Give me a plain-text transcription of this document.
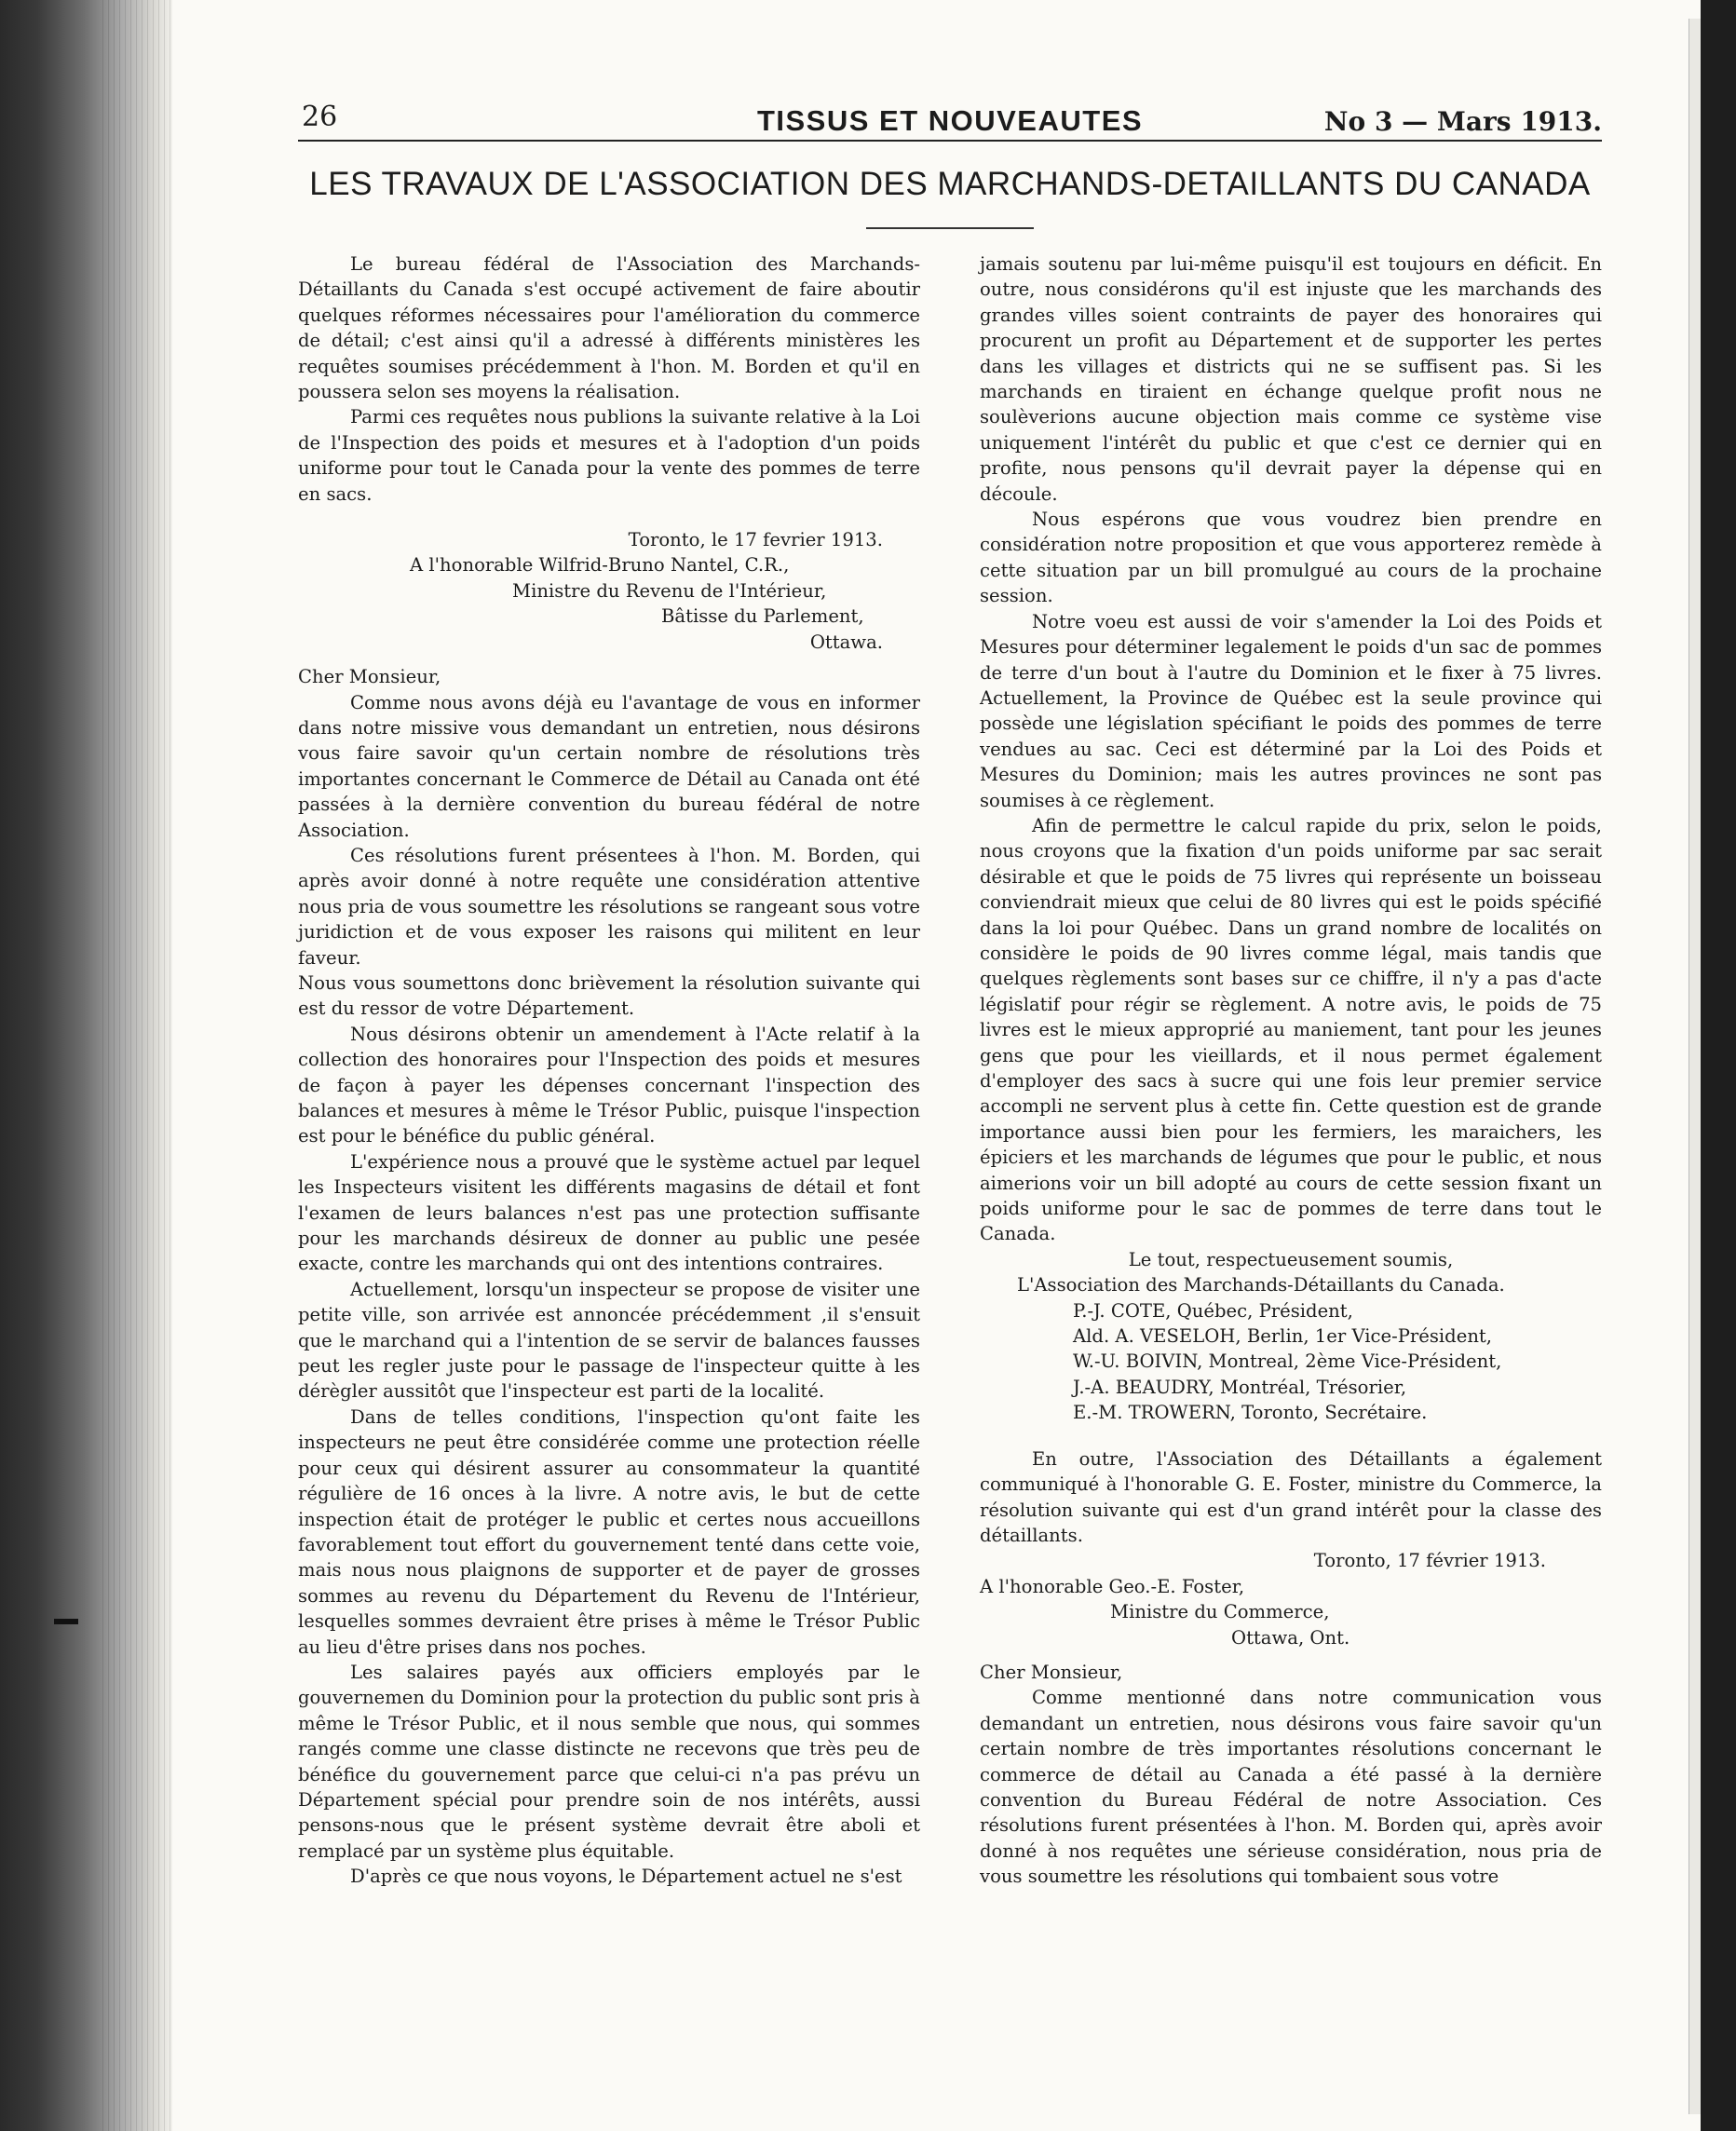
26	TISSUS ET NOUVEAUTES	No 3 — Mars 1913.
LES TRAVAUX DE L'ASSOCIATION DES MARCHANDS-DETAILLANTS DU CANADA

Le bureau fédéral de l'Association des Marchands-Détaillants du Canada s'est occupé activement de faire aboutir quelques réformes nécessaires pour l'amélioration du commerce de détail; c'est ainsi qu'il a adressé à différents ministères les requêtes soumises précédemment à l'hon. M. Borden et qu'il en poussera selon ses moyens la réalisation.

Parmi ces requêtes nous publions la suivante relative à la Loi de l'Inspection des poids et mesures et à l'adoption d'un poids uniforme pour tout le Canada pour la vente des pommes de terre en sacs.

Toronto, le 17 fevrier 1913.

A l'honorable Wilfrid-Bruno Nantel, C.R.,

Ministre du Revenu de l'Intérieur,

Bâtisse du Parlement,

Ottawa.

Cher Monsieur,

Comme nous avons déjà eu l'avantage de vous en informer dans notre missive vous demandant un entretien, nous désirons vous faire savoir qu'un certain nombre de résolutions très importantes concernant le Commerce de Détail au Canada ont été passées à la dernière convention du bureau fédéral de notre Association.

Ces résolutions furent présentees à l'hon. M. Borden, qui après avoir donné à notre requête une considération attentive nous pria de vous soumettre les résolutions se rangeant sous votre juridiction et de vous exposer les raisons qui militent en leur faveur.

Nous vous soumettons donc brièvement la résolution suivante qui est du ressor de votre Département.

Nous désirons obtenir un amendement à l'Acte relatif à la collection des honoraires pour l'Inspection des poids et mesures de façon à payer les dépenses concernant l'inspection des balances et mesures à même le Trésor Public, puisque l'inspection est pour le bénéfice du public général.

L'expérience nous a prouvé que le système actuel par lequel les Inspecteurs visitent les différents magasins de détail et font l'examen de leurs balances n'est pas une protection suffisante pour les marchands désireux de donner au public une pesée exacte, contre les marchands qui ont des intentions contraires.

Actuellement, lorsqu'un inspecteur se propose de visiter une petite ville, son arrivée est annoncée précédemment ,il s'ensuit que le marchand qui a l'intention de se servir de balances fausses peut les regler juste pour le passage de l'inspecteur quitte à les dérègler aussitôt que l'inspecteur est parti de la localité.

Dans de telles conditions, l'inspection qu'ont faite les inspecteurs ne peut être considérée comme une protection réelle pour ceux qui désirent assurer au consommateur la quantité régulière de 16 onces à la livre. A notre avis, le but de cette inspection était de protéger le public et certes nous accueillons favorablement tout effort du gouvernement tenté dans cette voie, mais nous nous plaignons de supporter et de payer de grosses sommes au revenu du Département du Revenu de l'Intérieur, lesquelles sommes devraient être prises à même le Trésor Public au lieu d'être prises dans nos poches.

Les salaires payés aux officiers employés par le gouvernemen du Dominion pour la protection du public sont pris à même le Trésor Public, et il nous semble que nous, qui sommes rangés comme une classe distincte ne recevons que très peu de bénéfice du gouvernement parce que celui-ci n'a pas prévu un Département spécial pour prendre soin de nos intérêts, aussi pensons-nous que le présent système devrait être aboli et remplacé par un système plus équitable.

D'après ce que nous voyons, le Département actuel ne s'est

jamais soutenu par lui-même puisqu'il est toujours en déficit. En outre, nous considérons qu'il est injuste que les marchands des grandes villes soient contraints de payer des honoraires qui procurent un profit au Département et de supporter les pertes dans les villages et districts qui ne se suffisent pas. Si les marchands en tiraient en échange quelque profit nous ne soulèverions aucune objection mais comme ce système vise uniquement l'intérêt du public et que c'est ce dernier qui en profite, nous pensons qu'il devrait payer la dépense qui en découle.

Nous espérons que vous voudrez bien prendre en considération notre proposition et que vous apporterez remède à cette situation par un bill promulgué au cours de la prochaine session.

Notre voeu est aussi de voir s'amender la Loi des Poids et Mesures pour déterminer legalement le poids d'un sac de pommes de terre d'un bout à l'autre du Dominion et le fixer à 75 livres. Actuellement, la Province de Québec est la seule province qui possède une législation spécifiant le poids des pommes de terre vendues au sac. Ceci est déterminé par la Loi des Poids et Mesures du Dominion; mais les autres provinces ne sont pas soumises à ce règlement.

Afin de permettre le calcul rapide du prix, selon le poids, nous croyons que la fixation d'un poids uniforme par sac serait désirable et que le poids de 75 livres qui représente un boisseau conviendrait mieux que celui de 80 livres qui est le poids spécifié dans la loi pour Québec. Dans un grand nombre de localités on considère le poids de 90 livres comme légal, mais tandis que quelques règlements sont bases sur ce chiffre, il n'y a pas d'acte législatif pour régir se règlement. A notre avis, le poids de 75 livres est le mieux approprié au maniement, tant pour les jeunes gens que pour les vieillards, et il nous permet également d'employer des sacs à sucre qui une fois leur premier service accompli ne servent plus à cette fin. Cette question est de grande importance aussi bien pour les fermiers, les maraichers, les épiciers et les marchands de légumes que pour le public, et nous aimerions voir un bill adopté au cours de cette session fixant un poids uniforme pour le sac de pommes de terre dans tout le Canada.

Le tout, respectueusement soumis,

L'Association des Marchands-Détaillants du Canada.

P.-J. COTE, Québec, Président,

Ald. A. VESELOH, Berlin, 1er Vice-Président,

W.-U. BOIVIN, Montreal, 2ème Vice-Président,

J.-A. BEAUDRY, Montréal, Trésorier,

E.-M. TROWERN, Toronto, Secrétaire.

En outre, l'Association des Détaillants a également communiqué à l'honorable G. E. Foster, ministre du Commerce, la résolution suivante qui est d'un grand intérêt pour la classe des détaillants.

Toronto, 17 février 1913.

A l'honorable Geo.-E. Foster,

Ministre du Commerce,

Ottawa, Ont.

Cher Monsieur,

Comme mentionné dans notre communication vous demandant un entretien, nous désirons vous faire savoir qu'un certain nombre de très importantes résolutions concernant le commerce de détail au Canada a été passé à la dernière convention du Bureau Fédéral de notre Association. Ces résolutions furent présentées à l'hon. M. Borden qui, après avoir donné à nos requêtes une sérieuse considération, nous pria de vous soumettre les résolutions qui tombaient sous votre
